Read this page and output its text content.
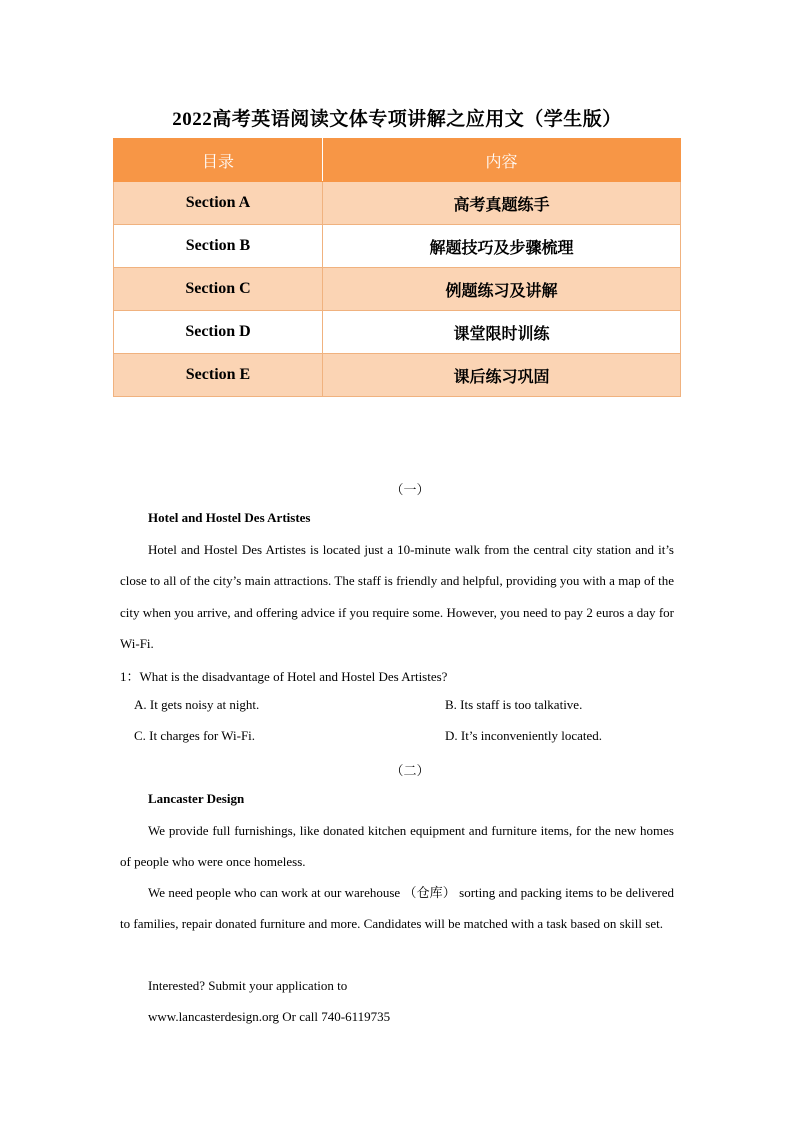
2022高考英语阅读文体专项讲解之应用文（学生版）
目录	内容
Section A	高考真题练手
Section B	解题技巧及步骤梳理
Section C	例题练习及讲解
Section D	课堂限时训练
Section E	课后练习巩固
（一）
Hotel and Hostel Des Artistes
Hotel and Hostel Des Artistes is located just a 10-minute walk from the central city station and it’s close to all of the city’s main attractions. The staff is friendly and helpful, providing you with a map of the city when you arrive, and offering advice if you require some. However, you need to pay 2 euros a day for Wi-Fi.
1：What is the disadvantage of Hotel and Hostel Des Artistes?
A. It gets noisy at night.	B. Its staff is too talkative.
C. It charges for Wi-Fi.	D. It’s inconveniently located.
（二）
Lancaster Design
We provide full furnishings, like donated kitchen equipment and furniture items, for the new homes of people who were once homeless.
We need people who can work at our warehouse （仓库） sorting and packing items to be delivered to families, repair donated furniture and more. Candidates will be matched with a task based on skill set.
Interested? Submit your application to
www.lancasterdesign.org Or call 740-6119735
